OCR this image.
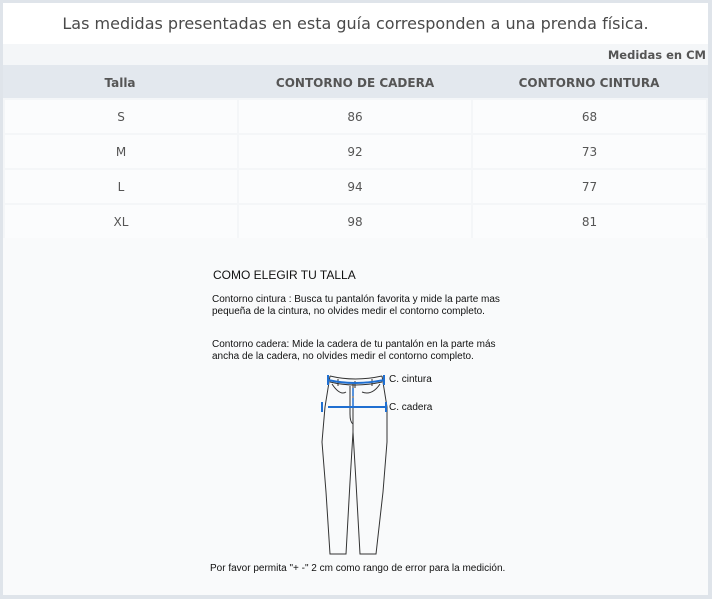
Las medidas presentadas en esta guía corresponden a una prenda física.
Medidas en CM
Talla	CONTORNO DE CADERA	CONTORNO CINTURA
S	86	68
M	92	73
L	94	77
XL	98	81
COMO ELEGIR TU TALLA
Contorno cintura : Busca tu pantalón favorita y mide la parte mas pequeña de la cintura, no olvides medir el contorno completo.
Contorno cadera: Mide la cadera de tu pantalón en la parte más ancha de la cadera, no olvides medir el contorno completo.
C. cintura
C. cadera
Por favor permita "+ -" 2 cm como rango de error para la medición.
